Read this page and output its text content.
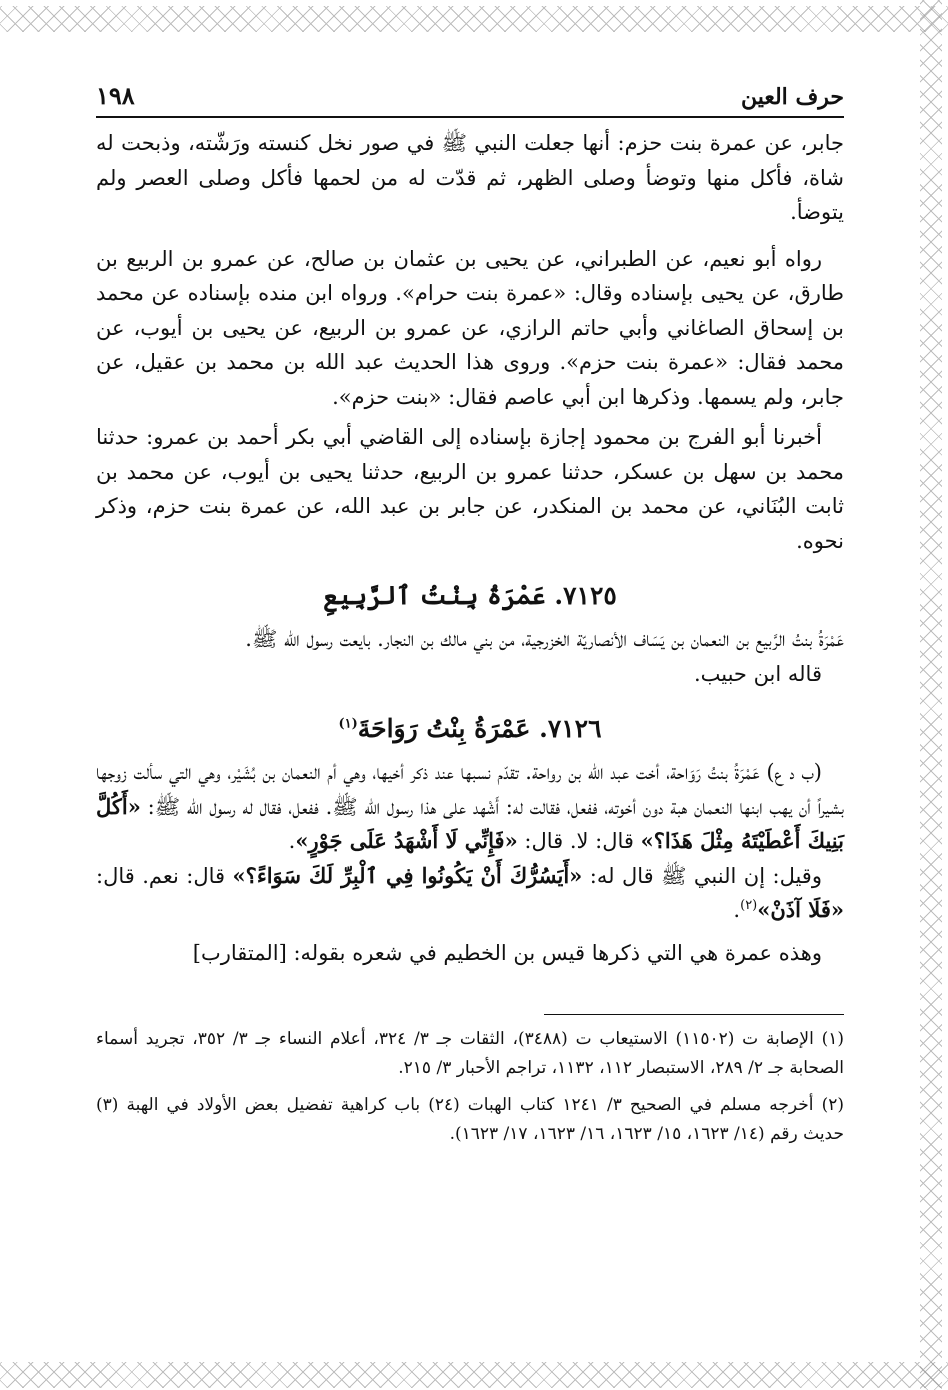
حرف العين
١٩٨

جابر، عن عمرة بنت حزم: أنها جعلت النبي ﷺ في صور نخل كنسته ورَشّته، وذبحت له شاة، فأكل منها وتوضأ وصلى الظهر، ثم قدّت له من لحمها فأكل وصلى العصر ولم يتوضأ.

رواه أبو نعيم، عن الطبراني، عن يحيى بن عثمان بن صالح، عن عمرو بن الربيع بن طارق، عن يحيى بإسناده وقال: «عمرة بنت حرام». ورواه ابن منده بإسناده عن محمد بن إسحاق الصاغاني وأبي حاتم الرازي، عن عمرو بن الربيع، عن يحيى بن أيوب، عن محمد فقال: «عمرة بنت حزم». وروى هذا الحديث عبد الله بن محمد بن عقيل، عن جابر، ولم يسمها. وذكرها ابن أبي عاصم فقال: «بنت حزم».

أخبرنا أبو الفرج بن محمود إجازة بإسناده إلى القاضي أبي بكر أحمد بن عمرو: حدثنا محمد بن سهل بن عسكر، حدثنا عمرو بن الربيع، حدثنا يحيى بن أيوب، عن محمد بن ثابت البُنَاني، عن محمد بن المنكدر، عن جابر بن عبد الله، عن عمرة بنت حزم، وذكر نحوه.

٧١٢٥. عَمْرَةُ بِنْتُ ٱلرَّبِيعِ

عَمْرَةُ بنتُ الرَّبيع بن النعمان بن يَسَاف الأنصاريّة الخزرجية، من بني مالك بن النجار. بايعت رسول الله ﷺ.

قاله ابن حبيب.

٧١٢٦. عَمْرَةُ بِنْتُ رَوَاحَةَ$^{(١)}$

(ب د ع) عَمْرَةُ بنتُ رَوَاحة، أخت عبد الله بن رواحة. تقدّم نسبها عند ذكر أخيها، وهي أم النعمان بن بُشَيْر، وهي التي سألت زوجها بشيراً أن يهب ابنها النعمان هبة دون أخوته، ففعل، فقالت له: أَشْهد على هذا رسول الله ﷺ. ففعل، فقال له رسول الله ﷺ: «أَكُلَّ بَنِيكَ أَعْطَيْتَهُ مِثْلَ هَذَا؟» قال: لا. قال: «فَإِنِّي لَا أَشْهَدُ عَلَى جَوْرٍ».

وقيل: إن النبي ﷺ قال له: «أَيَسُرُّكَ أَنْ يَكُونُوا فِي ٱلْبِرِّ لَكَ سَوَاءً؟» قال: نعم. قال: «فَلَا آذَنْ»$^{(٢)}$.

وهذه عمرة هي التي ذكرها قيس بن الخطيم في شعره بقوله: [المتقارب]

(١) الإصابة ت (١١٥٠٢) الاستيعاب ت (٣٤٨٨)، الثقات جـ ٣/ ٣٢٤، أعلام النساء جـ ٣/ ٣٥٢، تجريد أسماء الصحابة جـ ٢/ ٢٨٩، الاستبصار ١١٢، ١١٣٢، تراجم الأحبار ٣/ ٢١٥.

(٢) أخرجه مسلم في الصحيح ٣/ ١٢٤١ كتاب الهبات (٢٤) باب كراهية تفضيل بعض الأولاد في الهبة (٣) حديث رقم (١٤/ ١٦٢٣، ١٥/ ١٦٢٣، ١٦/ ١٦٢٣، ١٧/ ١٦٢٣).
